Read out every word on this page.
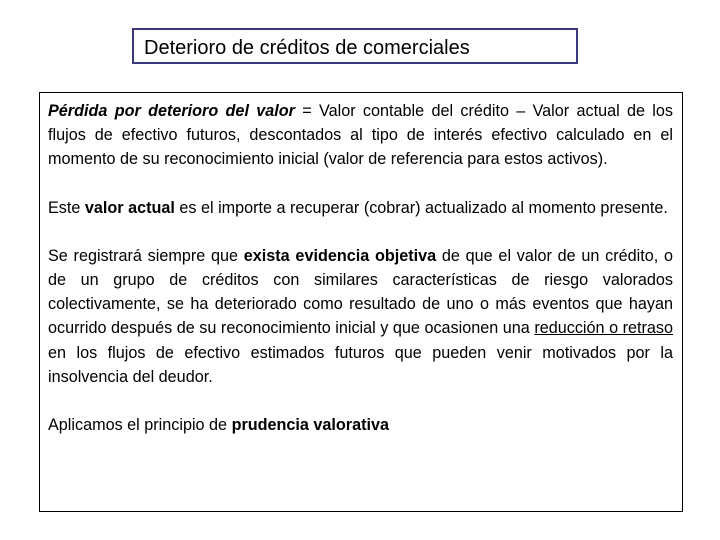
Deterioro de créditos de comerciales

Pérdida por deterioro del valor = Valor contable del crédito – Valor actual de los flujos de efectivo futuros, descontados al tipo de interés efectivo calculado en el momento de su reconocimiento inicial (valor de referencia para estos activos).

Este valor actual es el importe a recuperar (cobrar) actualizado al momento presente.

Se registrará siempre que exista evidencia objetiva de que el valor de un crédito, o de un grupo de créditos con similares características de riesgo valorados colectivamente, se ha deteriorado como resultado de uno o más eventos que hayan ocurrido después de su reconocimiento inicial y que ocasionen una reducción o retraso en los flujos de efectivo estimados futuros que pueden venir motivados por la insolvencia del deudor.

Aplicamos el principio de prudencia valorativa
